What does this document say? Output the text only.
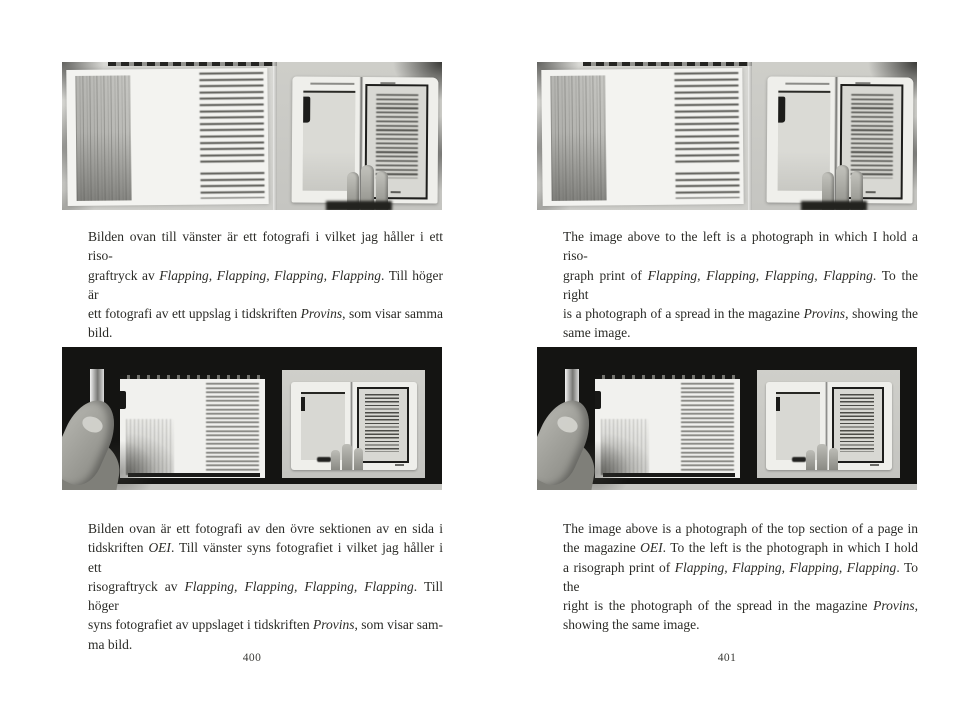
Bilden ovan till vänster är ett fotografi i vilket jag håller i ett riso-
graftryck av Flapping, Flapping, Flapping, Flapping. Till höger är
ett fotografi av ett uppslag i tidskriften Provins, som visar samma
bild.

Bilden ovan är ett fotografi av den övre sektionen av en sida i
tidskriften OEI. Till vänster syns fotografiet i vilket jag håller i ett
risograftryck av Flapping, Flapping, Flapping, Flapping. Till höger
syns fotografiet av uppslaget i tidskriften Provins, som visar sam-
ma bild.

400

The image above to the left is a photograph in which I hold a riso-
graph print of Flapping, Flapping, Flapping, Flapping. To the right
is a photograph of a spread in the magazine Provins, showing the
same image.

The image above is a photograph of the top section of a page in
the magazine OEI. To the left is the photograph in which I hold
a risograph print of Flapping, Flapping, Flapping, Flapping. To the
right is the photograph of the spread in the magazine Provins,
showing the same image.

401
